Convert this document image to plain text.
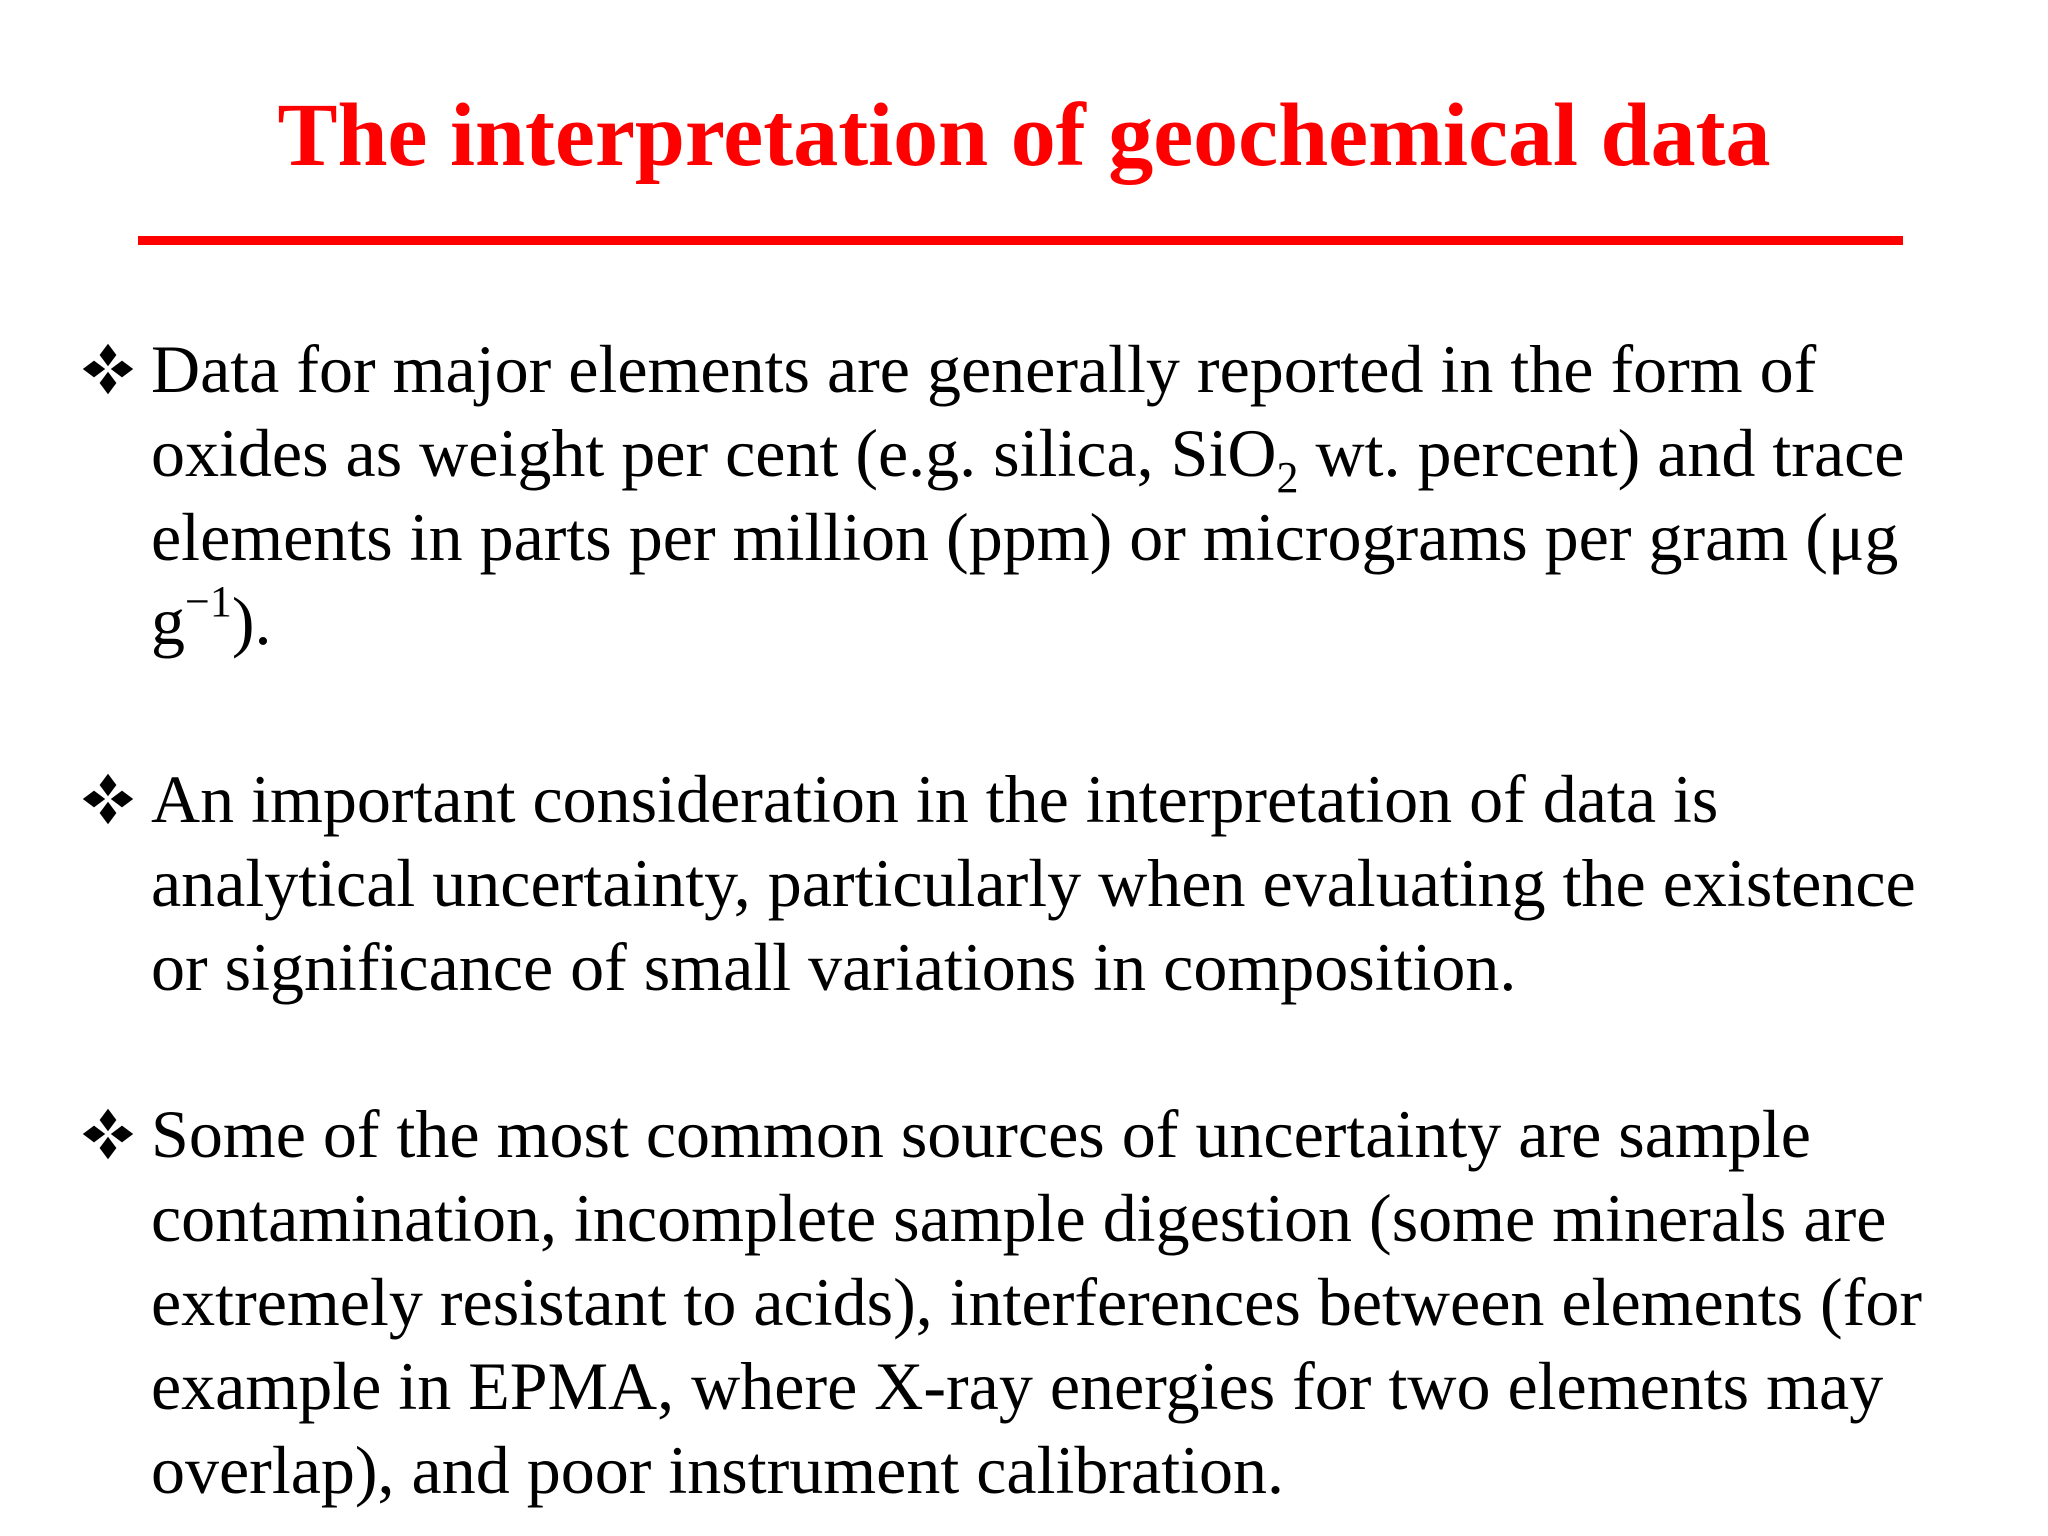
The interpretation of geochemical data

Data for major elements are generally reported in the form of
oxides as weight per cent (e.g. silica, SiO$_2$ wt. percent) and trace
elements in parts per million (ppm) or micrograms per gram (μg
$g^{-1}$).

An important consideration in the interpretation of data is
analytical uncertainty, particularly when evaluating the existence
or significance of small variations in composition.

Some of the most common sources of uncertainty are sample
contamination, incomplete sample digestion (some minerals are
extremely resistant to acids), interferences between elements (for
example in EPMA, where X-ray energies for two elements may
overlap), and poor instrument calibration.
